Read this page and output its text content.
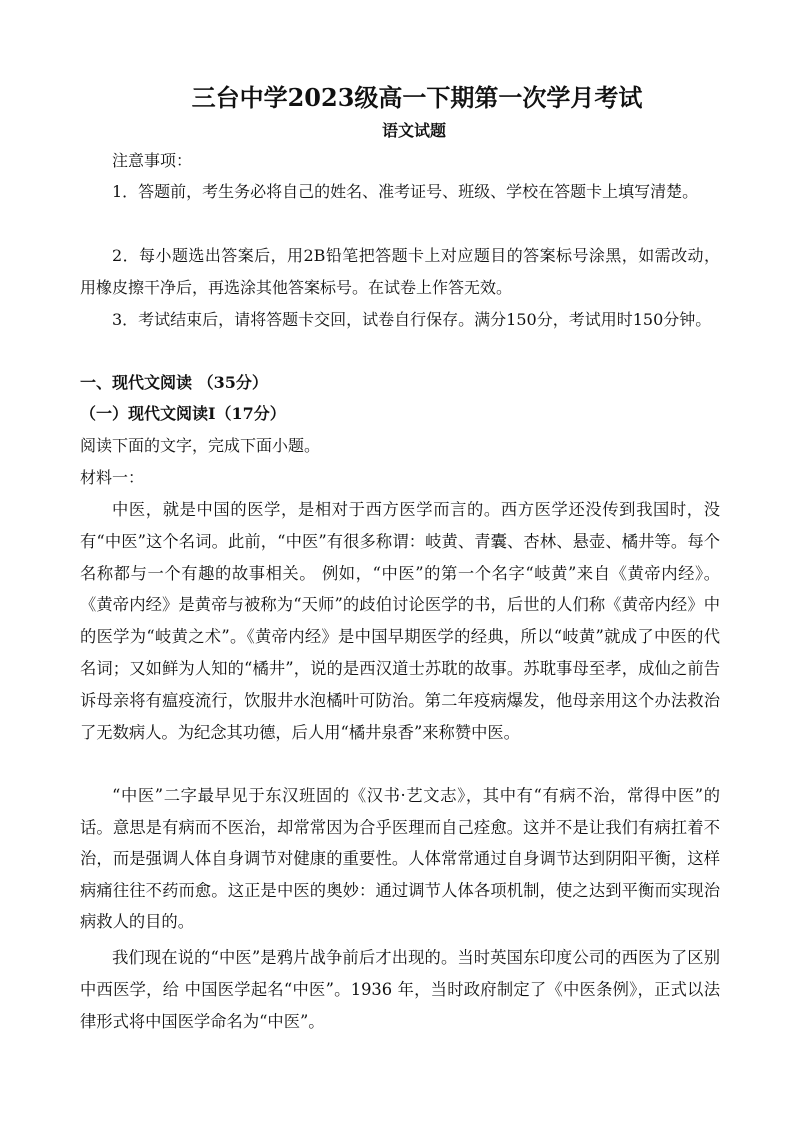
三台中学2023级高一下期第一次学月考试
语文试题
注意事项：
1．答题前，考生务必将自己的姓名、准考证号、班级、学校在答题卡上填写清楚。
2．每小题选出答案后，用2B铅笔把答题卡上对应题目的答案标号涂黑，如需改动，用橡皮擦干净后，再选涂其他答案标号。在试卷上作答无效。
3．考试结束后，请将答题卡交回，试卷自行保存。满分150分，考试用时150分钟。
一、现代文阅读 （35分）
（一）现代文阅读Ⅰ（17分）
阅读下面的文字，完成下面小题。
材料一：

中医，就是中国的医学，是相对于西方医学而言的。西方医学还没传到我国时，没有“中医”这个名词。此前，“中医”有很多称谓：岐黄、青囊、杏林、悬壶、橘井等。每个名称都与一个有趣的故事相关。 例如，“中医”的第一个名字“岐黄”来自《黄帝内经》。《黄帝内经》是黄帝与被称为“天师”的歧伯讨论医学的书，后世的人们称《黄帝内经》中的医学为“岐黄之术”。《黄帝内经》是中国早期医学的经典，所以“岐黄”就成了中医的代名词；又如鲜为人知的“橘井”，说的是西汉道士苏耽的故事。苏耽事母至孝，成仙之前告诉母亲将有瘟疫流行，饮服井水泡橘叶可防治。第二年疫病爆发，他母亲用这个办法救治了无数病人。为纪念其功德，后人用“橘井泉香”来称赞中医。

“中医”二字最早见于东汉班固的《汉书·艺文志》，其中有“有病不治，常得中医”的话。意思是有病而不医治，却常常因为合乎医理而自己痊愈。这并不是让我们有病扛着不治，而是强调人体自身调节对健康的重要性。人体常常通过自身调节达到阴阳平衡，这样病痛往往不药而愈。这正是中医的奥妙：通过调节人体各项机制，使之达到平衡而实现治病救人的目的。

我们现在说的“中医”是鸦片战争前后才出现的。当时英国东印度公司的西医为了区别中西医学，给 中国医学起名“中医”。1936 年，当时政府制定了《中医条例》，正式以法律形式将中国医学命名为“中医”。
